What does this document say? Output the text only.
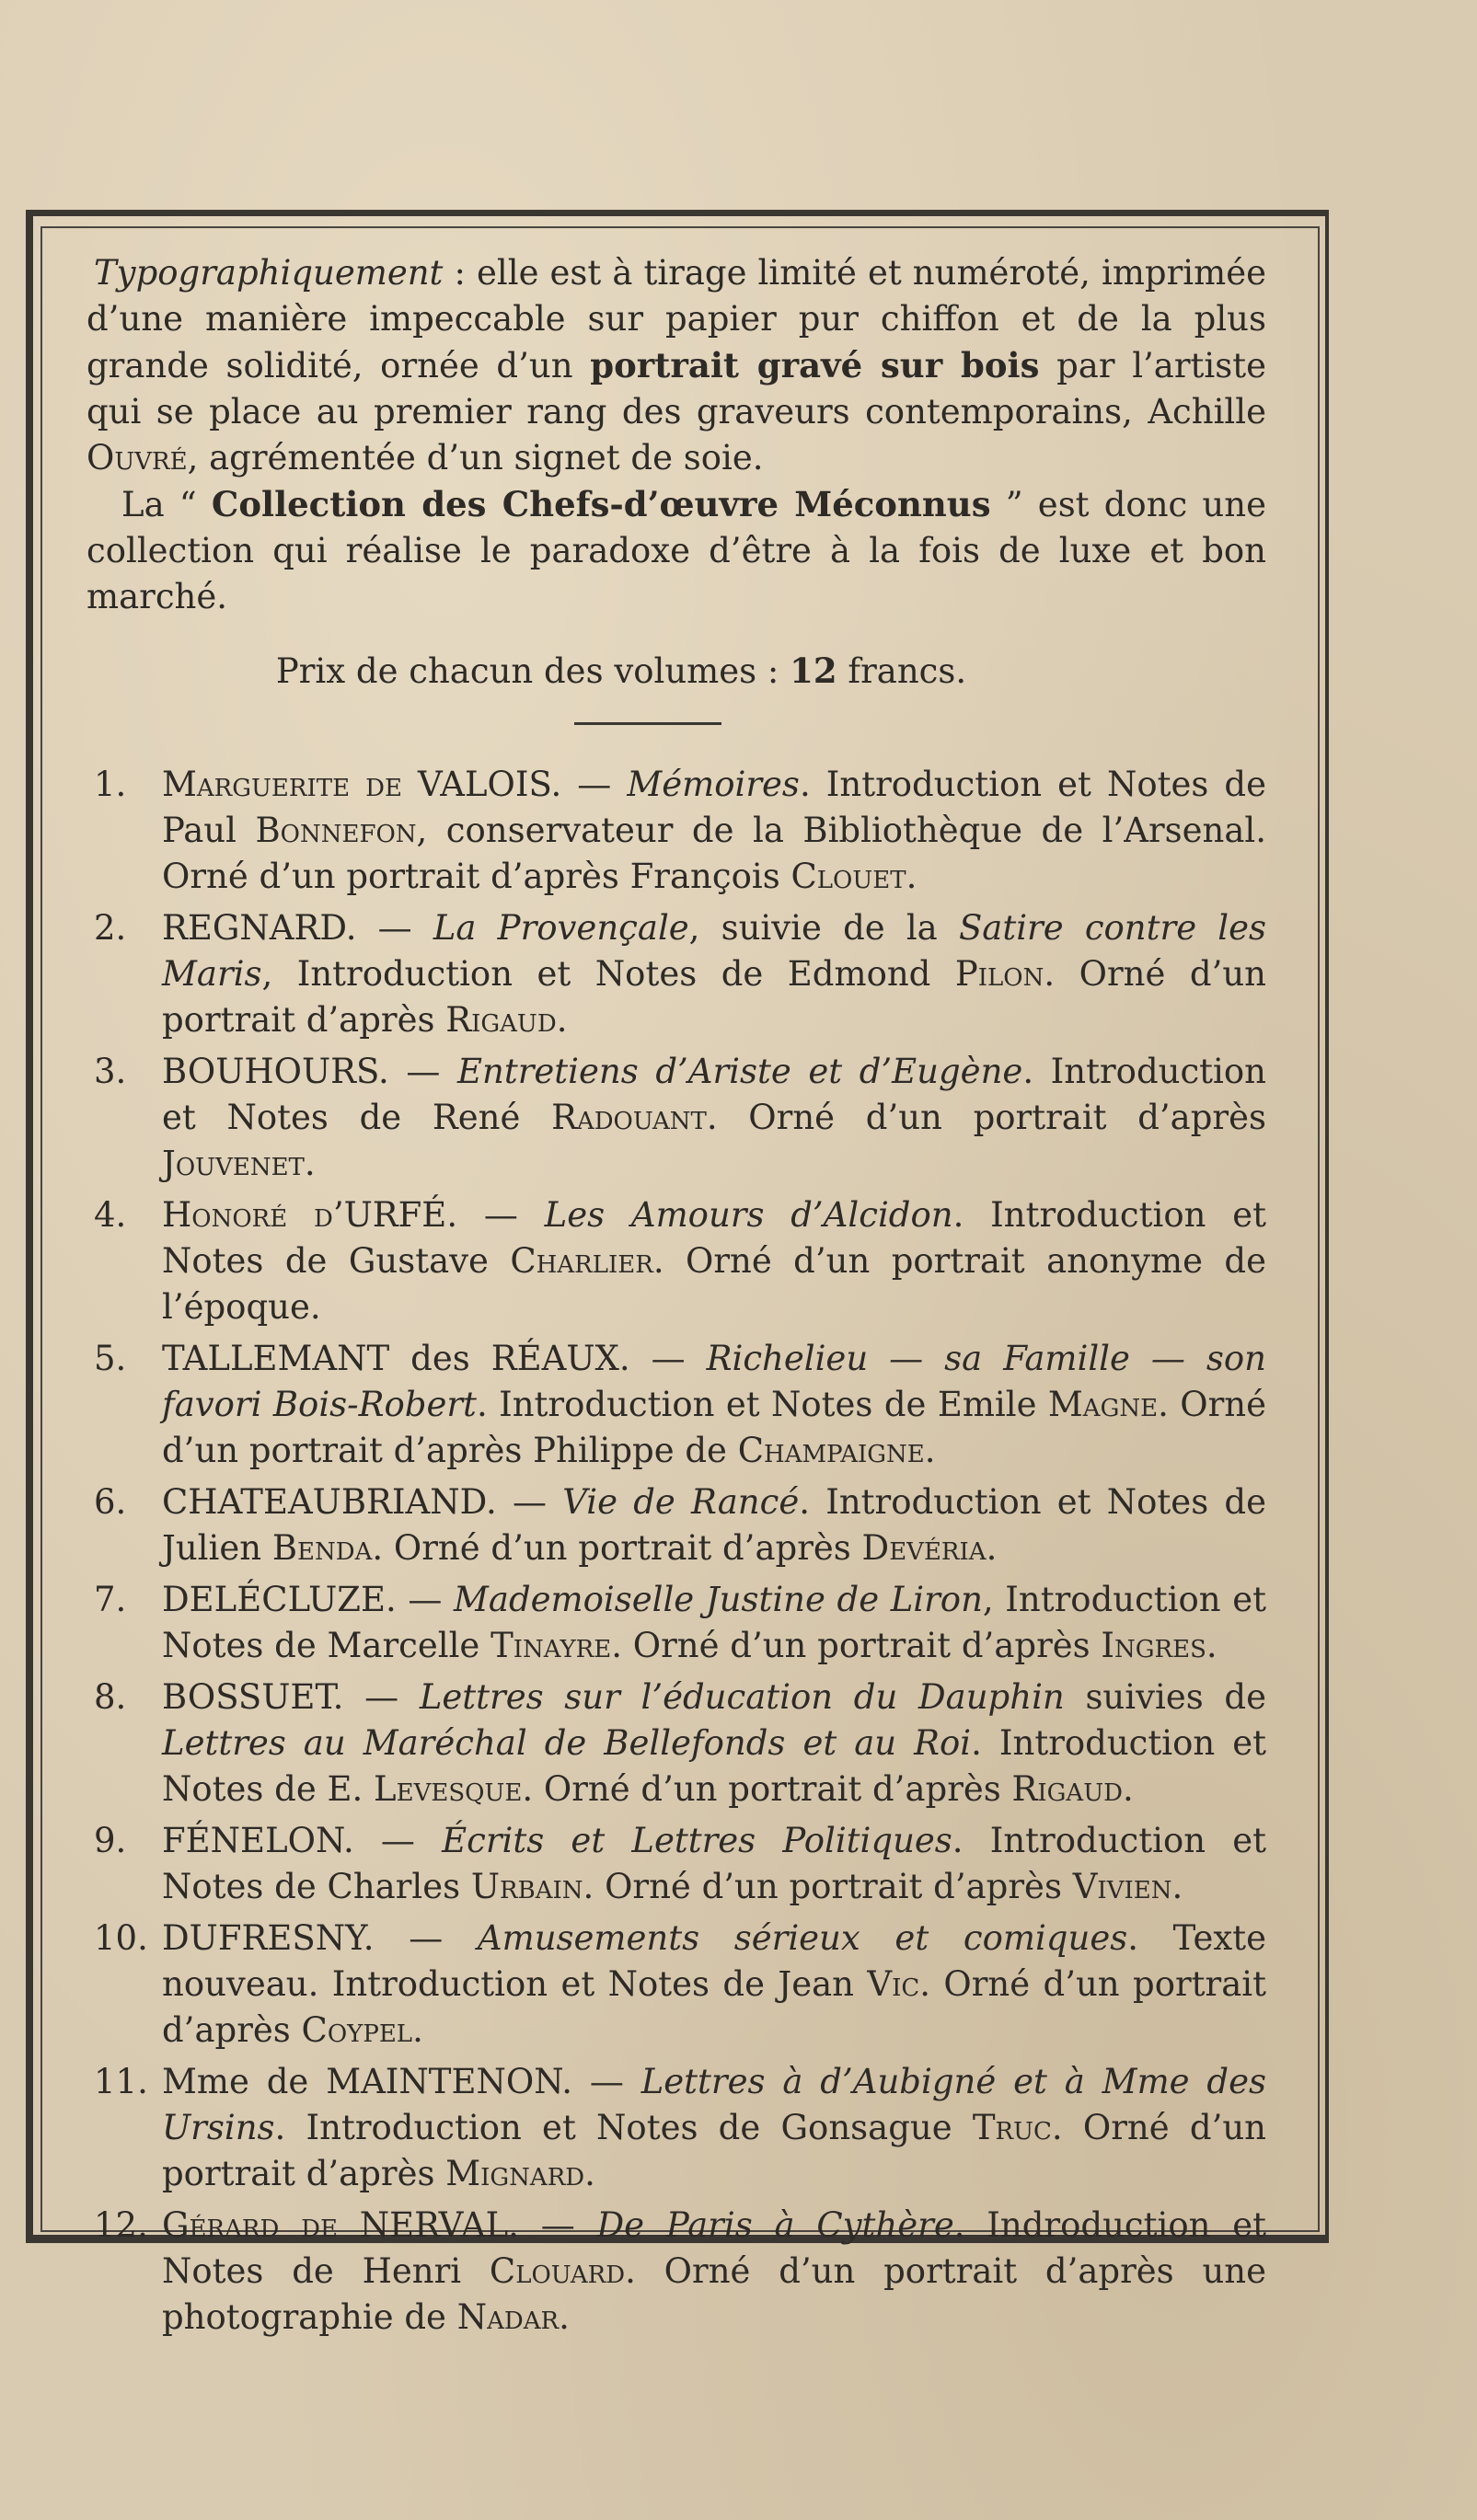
Typographiquement : elle est à tirage limité et numéroté, imprimée d’une manière impeccable sur papier pur chiffon et de la plus grande solidité, ornée d’un portrait gravé sur bois par l’artiste qui se place au premier rang des graveurs contemporains, Achille Ouvré, agrémentée d’un signet de soie.

La “ Collection des Chefs-d’œuvre Méconnus ” est donc une collection qui réalise le paradoxe d’être à la fois de luxe et bon marché.

Prix de chacun des volumes : 12 francs.

1. Marguerite de VALOIS. — Mémoires. Introduction et Notes de Paul Bonnefon, conservateur de la Bibliothèque de l’Arsenal. Orné d’un portrait d’après François Clouet.
2. REGNARD. — La Provençale, suivie de la Satire contre les Maris, Introduction et Notes de Edmond Pilon. Orné d’un portrait d’après Rigaud.
3. BOUHOURS. — Entretiens d’Ariste et d’Eugène. Introduction et Notes de René Radouant. Orné d’un portrait d’après Jouvenet.
4. Honoré d’URFÉ. — Les Amours d’Alcidon. Introduction et Notes de Gustave Charlier. Orné d’un portrait anonyme de l’époque.
5. TALLEMANT des RÉAUX. — Richelieu — sa Famille — son favori Bois-Robert. Introduction et Notes de Emile Magne. Orné d’un portrait d’après Philippe de Champaigne.
6. CHATEAUBRIAND. — Vie de Rancé. Introduction et Notes de Julien Benda. Orné d’un portrait d’après Devéria.
7. DELÉCLUZE. — Mademoiselle Justine de Liron, Introduction et Notes de Marcelle Tinayre. Orné d’un portrait d’après Ingres.
8. BOSSUET. — Lettres sur l’éducation du Dauphin suivies de Lettres au Maréchal de Bellefonds et au Roi. Introduction et Notes de E. Levesque. Orné d’un portrait d’après Rigaud.
9. FÉNELON. — Écrits et Lettres Politiques. Introduction et Notes de Charles Urbain. Orné d’un portrait d’après Vivien.
10. DUFRESNY. — Amusements sérieux et comiques. Texte nouveau. Introduction et Notes de Jean Vic. Orné d’un portrait d’après Coypel.
11. Mme de MAINTENON. — Lettres à d’Aubigné et à Mme des Ursins. Introduction et Notes de Gonsague Truc. Orné d’un portrait d’après Mignard.
12. Gérard de NERVAL. — De Paris à Cythère. Indroduction et Notes de Henri Clouard. Orné d’un portrait d’après une photographie de Nadar.
